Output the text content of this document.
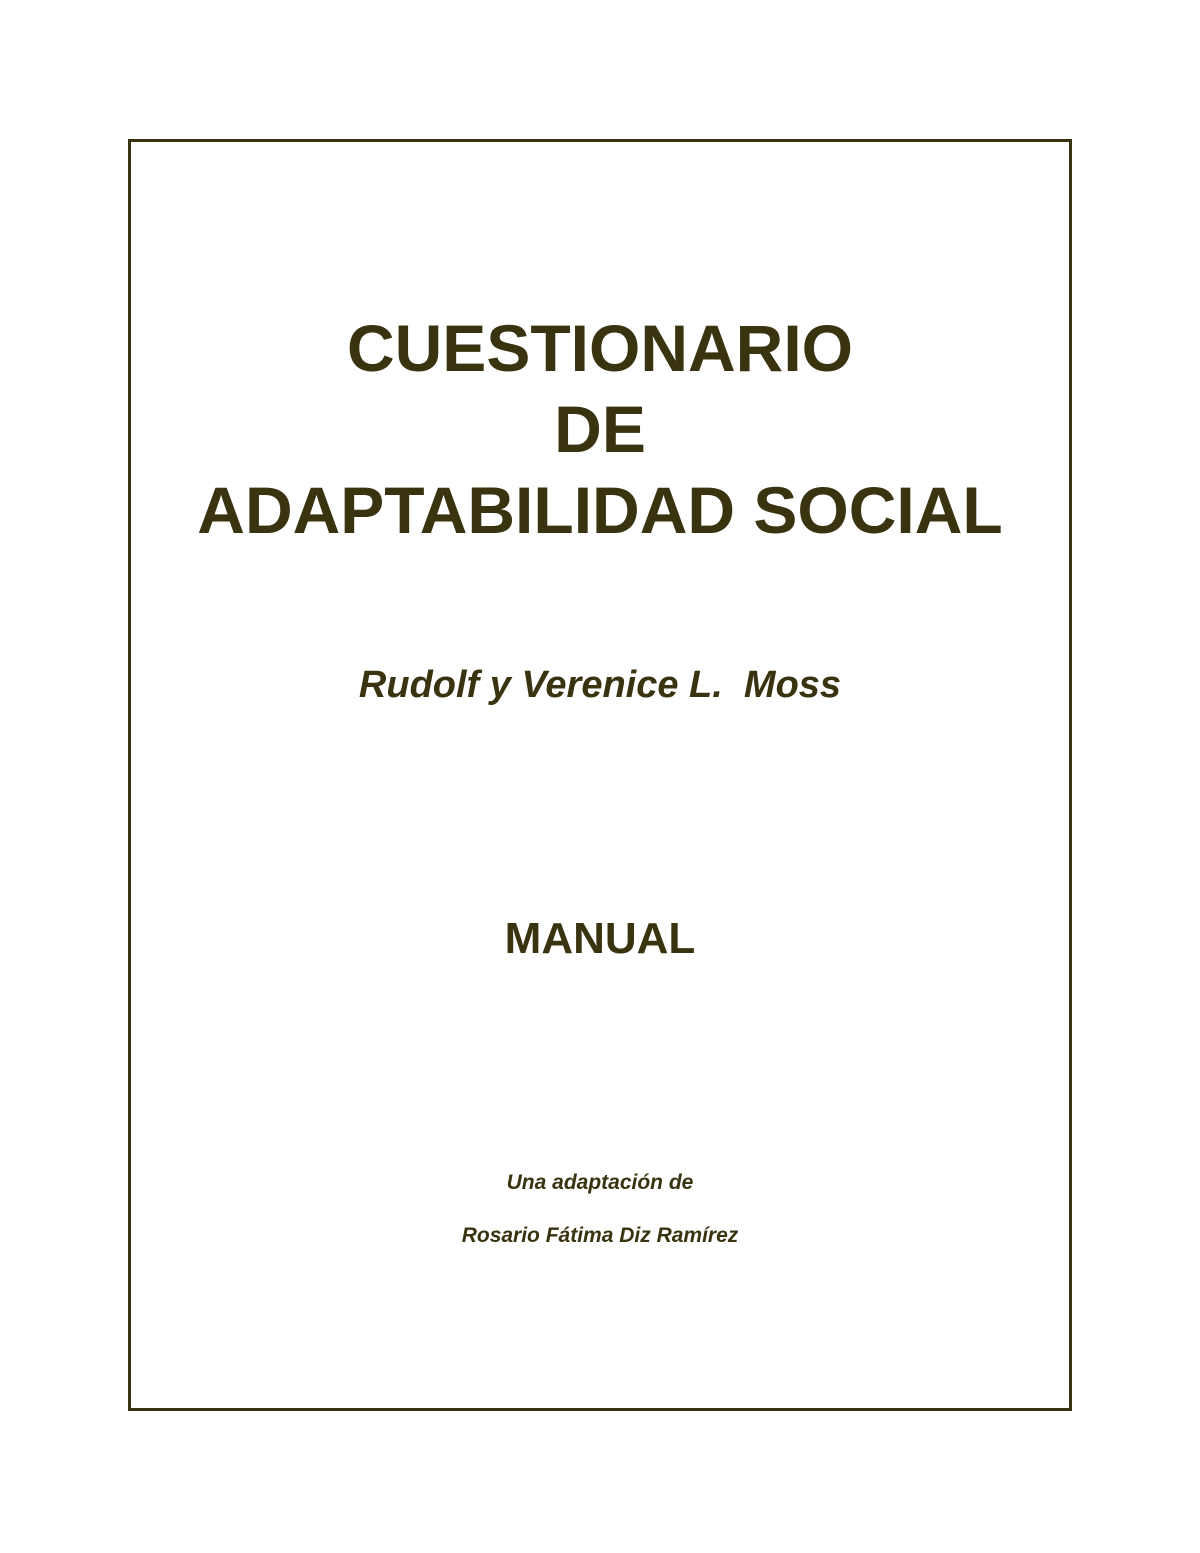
CUESTIONARIO
DE
ADAPTABILIDAD SOCIAL
Rudolf y Verenice L.  Moss
MANUAL
Una adaptación de
Rosario Fátima Diz Ramírez
